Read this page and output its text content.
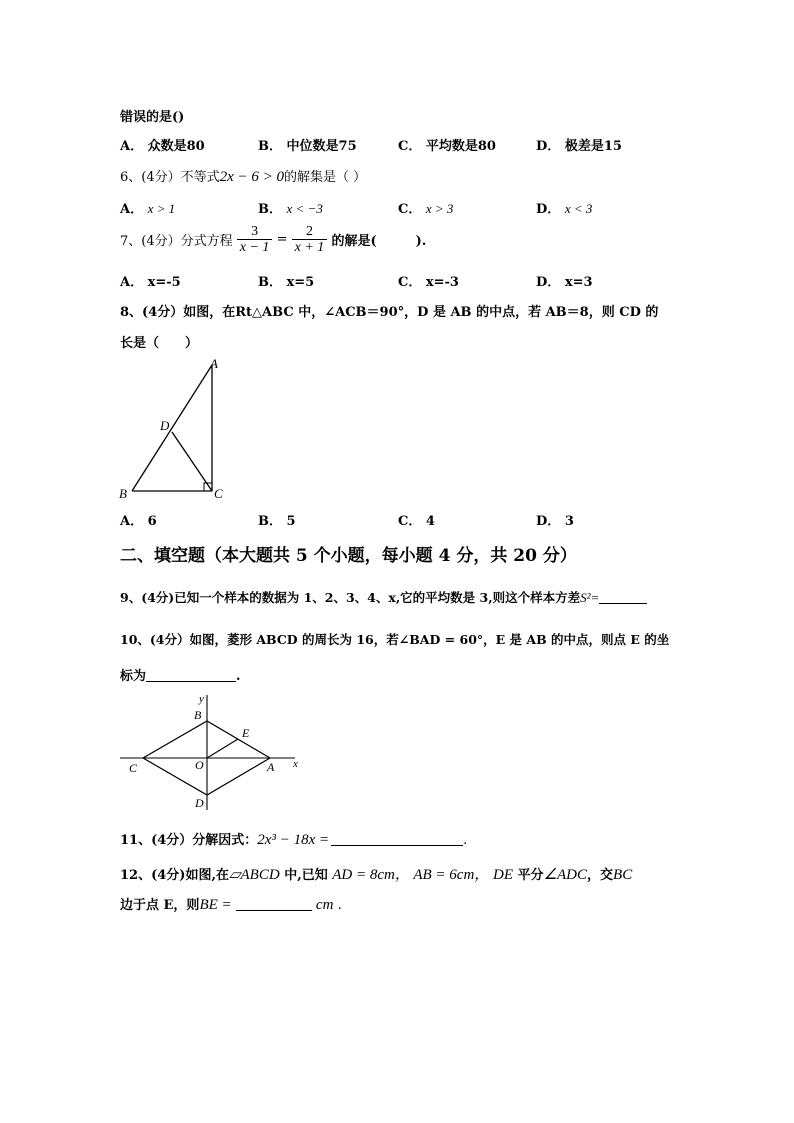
错误的是()
A． 众数是80	B． 中位数是75	C． 平均数是80	D． 极差是15
6、(4分）不等式2x − 6 > 0的解集是（ ）
A． x > 1	B． x < −3	C． x > 3	D． x < 3
7、(4分）分式方程 $\frac{3}{x - 1} = \frac{2}{x + 1}$ 的解是(　　　).
A． x=-5	B． x=5	C． x=-3	D． x=3
8、(4分）如图，在Rt△ABC 中，∠ACB＝90°，D 是 AB 的中点，若 AB＝8，则 CD 的
长是（　　）
A
B	C
D
A． 6	B． 5	C． 4	D． 3
二、填空题（本大题共 5 个小题，每小题 4 分，共 20 分）
9、(4分)已知一个样本的数据为 1、2、3、4、x,它的平均数是 3,则这个样本方差S²=
10、(4分）如图，菱形 ABCD 的周长为 16，若∠BAD = 60°，E 是 AB 的中点，则点 E 的坐
标为	.
y
x
B
E
C	O	A
D
11、(4分）分解因式：2x³ − 18x =	.
12、(4分)如图,在▱ABCD 中,已知 AD = 8cm， AB = 6cm， DE 平分∠ADC，交BC
边于点 E，则BE =	cm .
